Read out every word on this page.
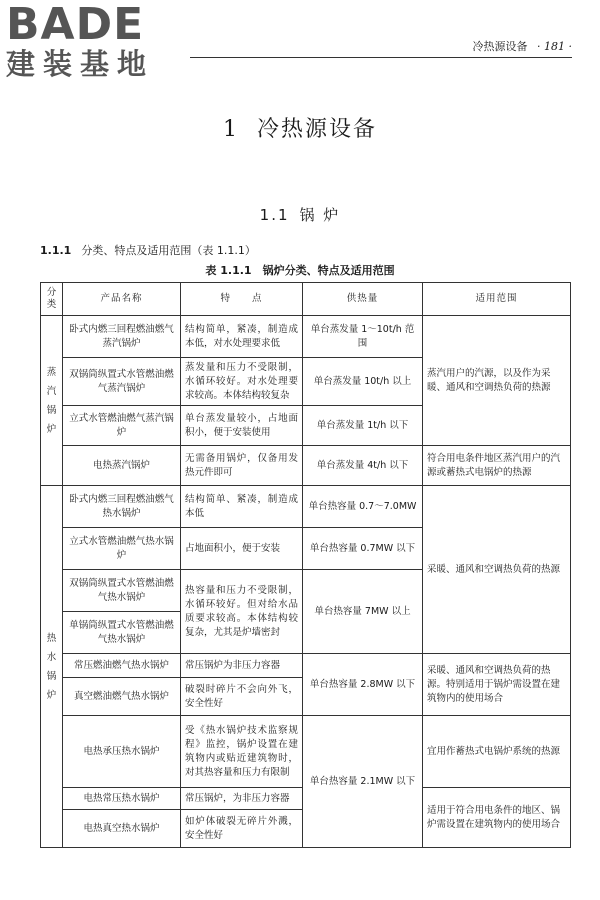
BADE
建装基地
冷热源设备 · 181 ·
1 冷热源设备
1.1 锅 炉
1.1.1 分类、特点及适用范围（表 1.1.1）
表 1.1.1　锅炉分类、特点及适用范围
分类	产品名称	特　　点	供热量	适用范围

蒸汽锅炉	卧式内燃三回程燃油燃气蒸汽锅炉	结构简单，紧凑，制造成本低，对水处理要求低	单台蒸发量 1～10t/h 范围	蒸汽用户的汽源，以及作为采暖、通风和空调热负荷的热源
	双锅筒纵置式水管燃油燃气蒸汽锅炉	蒸发量和压力不受限制，水循环较好。对水处理要求较高。本体结构较复杂	单台蒸发量 10t/h 以上	
	立式水管燃油燃气蒸汽锅炉	单台蒸发量较小，占地面积小，便于安装使用	单台蒸发量 1t/h 以下	
	电热蒸汽锅炉	无需备用锅炉，仅备用发热元件即可	单台蒸发量 4t/h 以下	符合用电条件地区蒸汽用户的汽源或蓄热式电锅炉的热源

热水锅炉	卧式内燃三回程燃油燃气热水锅炉	结构简单、紧凑，制造成本低	单台热容量 0.7～7.0MW	采暖、通风和空调热负荷的热源
	立式水管燃油燃气热水锅炉	占地面积小，便于安装	单台热容量 0.7MW 以下	
	双锅筒纵置式水管燃油燃气热水锅炉	热容量和压力不受限制，水循环较好。但对给水品质要求较高。本体结构较复杂，尤其是炉墙密封	单台热容量 7MW 以上	
	单锅筒纵置式水管燃油燃气热水锅炉			
	常压燃油燃气热水锅炉	常压锅炉为非压力容器	单台热容量 2.8MW 以下	采暖、通风和空调热负荷的热源。特别适用于锅炉需设置在建筑物内的使用场合
	真空燃油燃气热水锅炉	破裂时碎片不会向外飞，安全性好		
	电热承压热水锅炉	受《热水锅炉技术监察规程》监控，锅炉设置在建筑物内或贴近建筑物时，对其热容量和压力有限制	单台热容量 2.1MW 以下	宜用作蓄热式电锅炉系统的热源
	电热常压热水锅炉	常压锅炉，为非压力容器		适用于符合用电条件的地区、锅炉需设置在建筑物内的使用场合
	电热真空热水锅炉	如炉体破裂无碎片外溅，安全性好		
